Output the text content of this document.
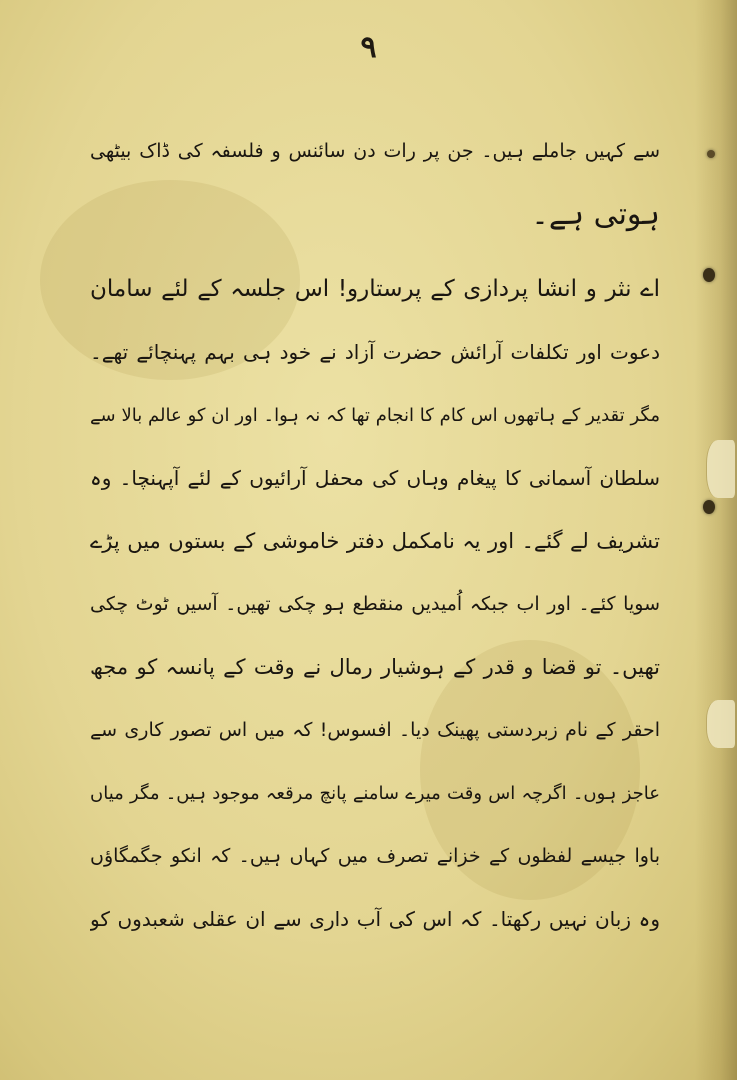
۹
سے کہیں جاملے ہیں۔ جن پر رات دن سائنس و فلسفہ کی ڈاک بیٹھی
ہوتی ہے۔
اے نثر و انشا پردازی کے پرستارو! اس جلسہ کے لئے سامان
دعوت اور تکلفات آرائش حضرت آزاد نے خود ہی بہم پہنچائے تھے۔
مگر تقدیر کے ہاتھوں اس کام کا انجام تھا کہ نہ ہوا۔ اور ان کو عالم بالا سے
سلطان آسمانی کا پیغام وہاں کی محفل آرائیوں کے لئے آپہنچا۔ وہ
تشریف لے گئے۔ اور یہ نامکمل دفتر خاموشی کے بستوں میں پڑے
سویا کئے۔ اور اب جبکہ اُمیدیں منقطع ہو چکی تھیں۔ آسیں ٹوٹ چکی
تھیں۔ تو قضا و قدر کے ہوشیار رمال نے وقت کے پانسہ کو مجھ
احقر کے نام زبردستی پھینک دیا۔ افسوس! کہ میں اس تصور کاری سے
عاجز ہوں۔ اگرچہ اس وقت میرے سامنے پانچ مرقعہ موجود ہیں۔ مگر میاں
باوا جیسے لفظوں کے خزانے تصرف میں کہاں ہیں۔ کہ انکو جگمگاؤں
وہ زبان نہیں رکھتا۔ کہ اس کی آب داری سے ان عقلی شعبدوں کو
